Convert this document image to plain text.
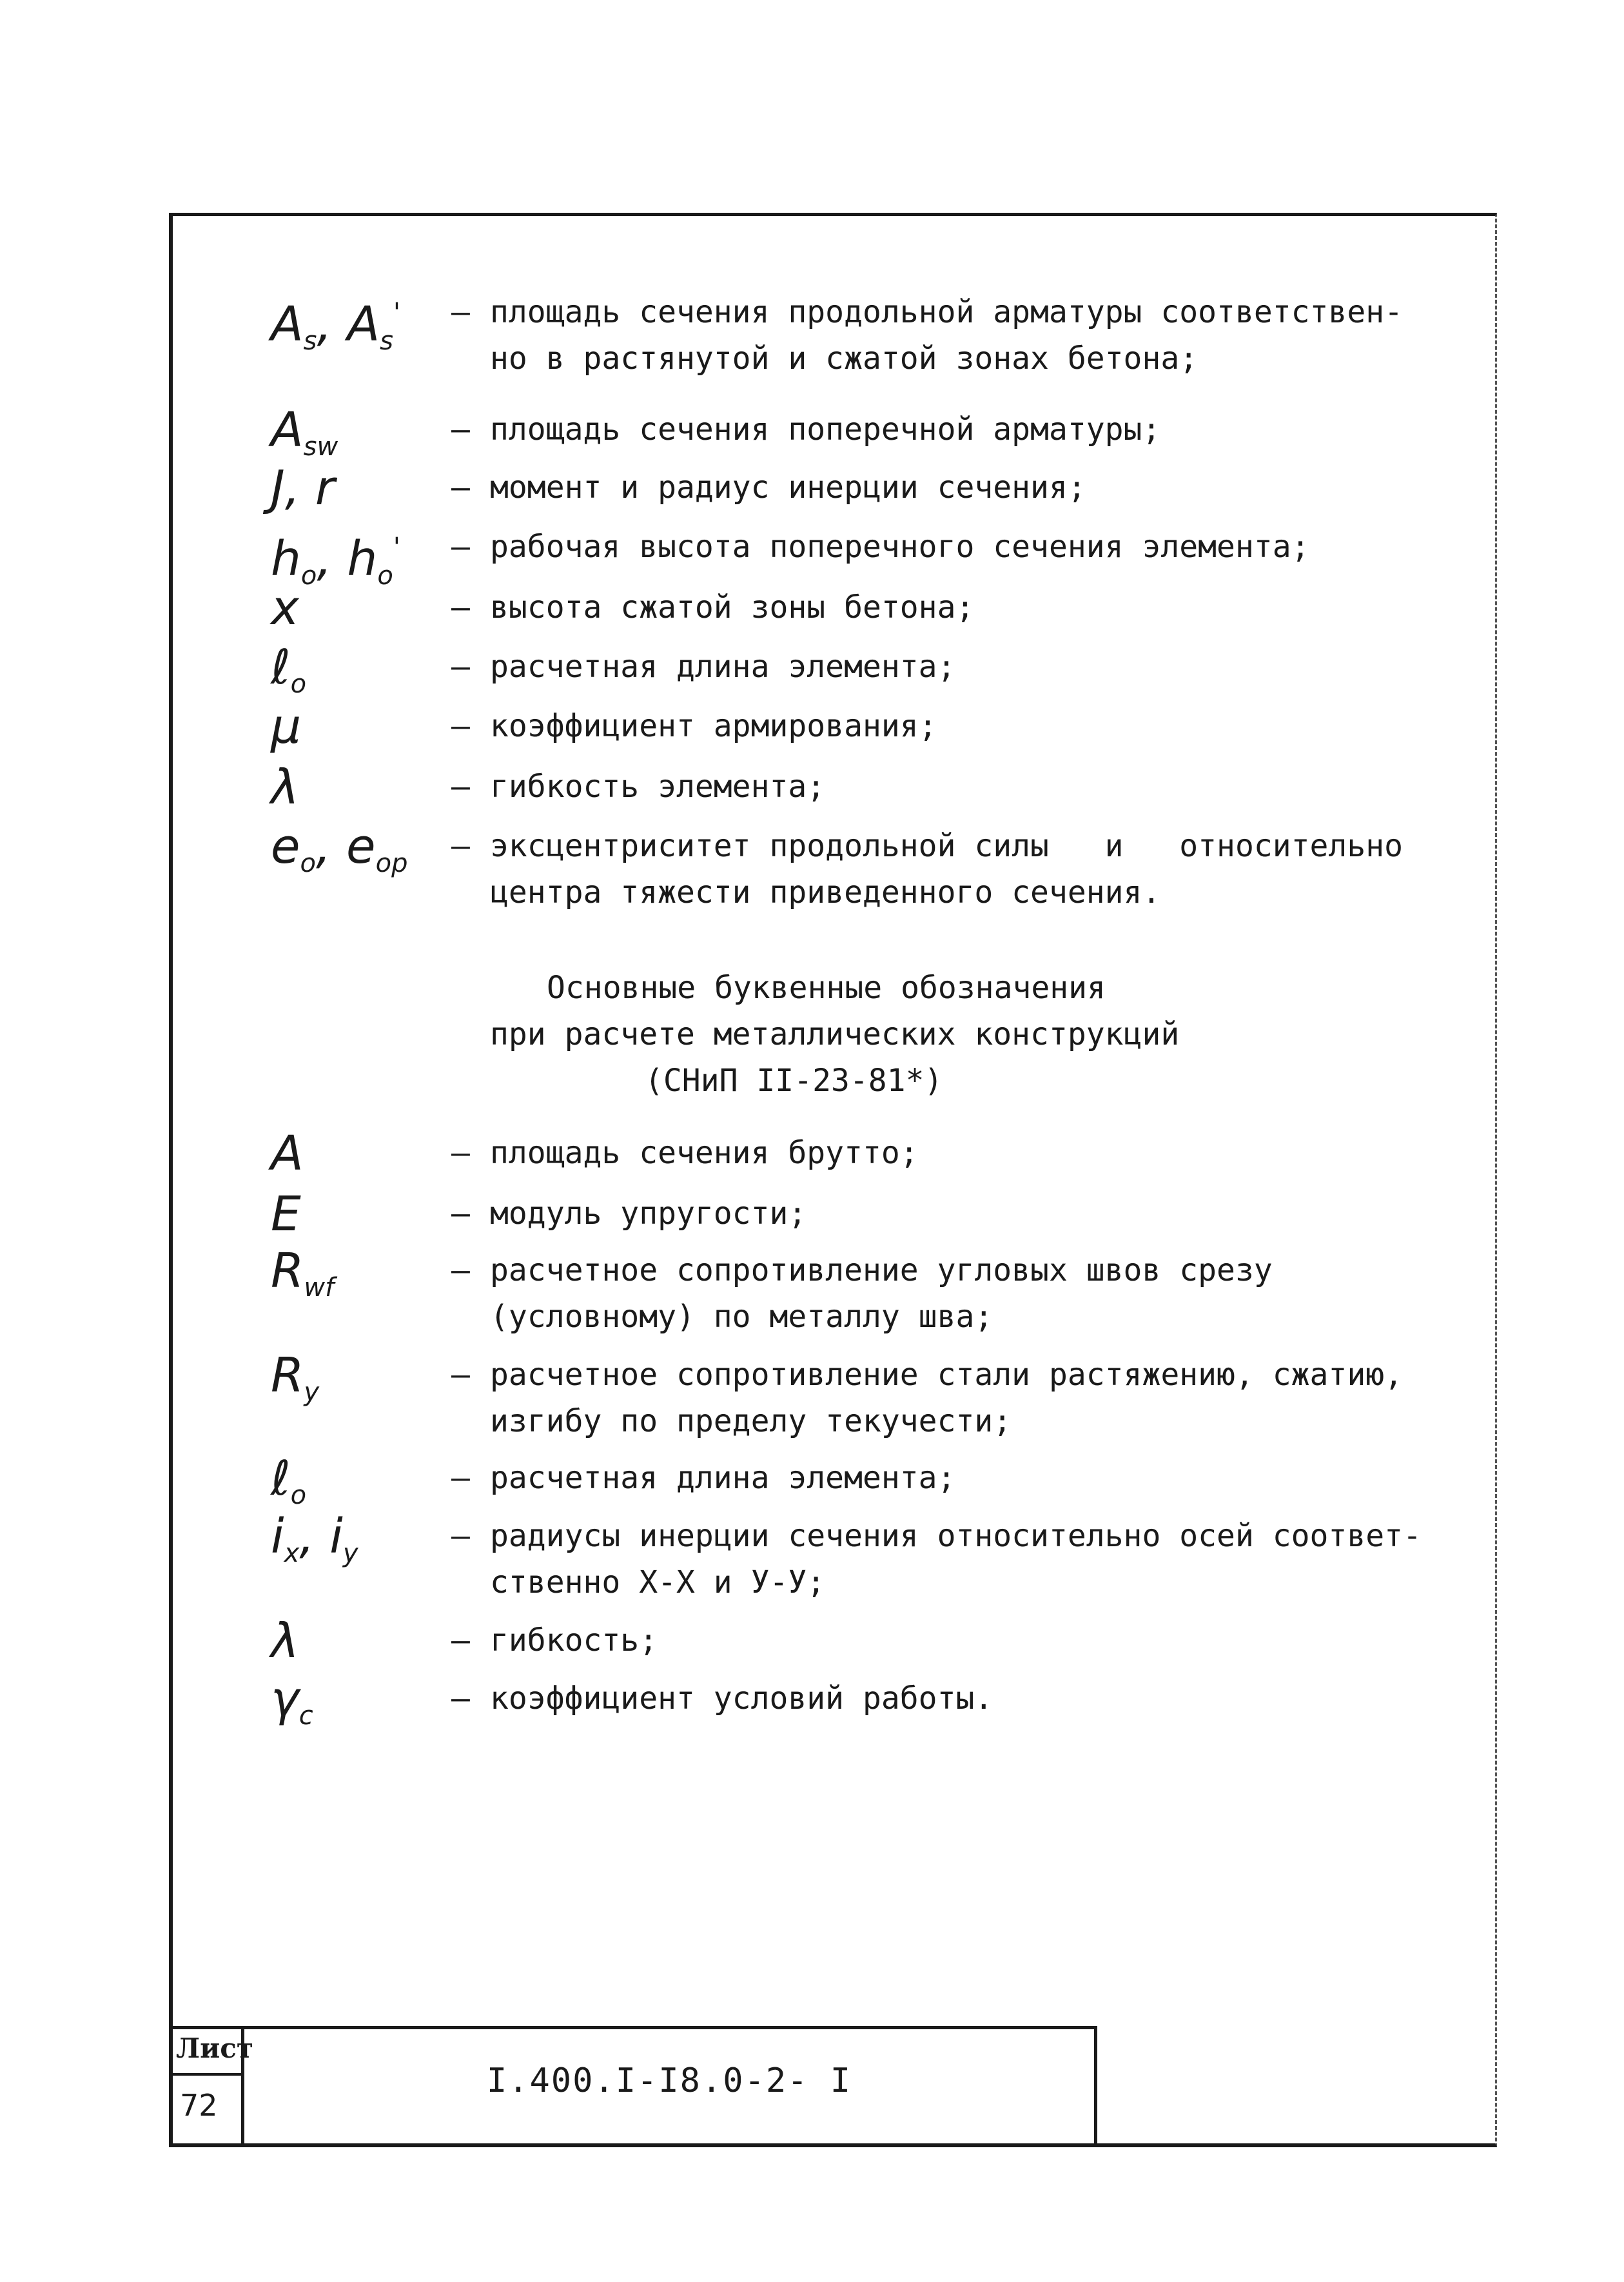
$A_s$, $A_s'$ – площадь сечения продольной арматуры соответствен-
но в растянутой и сжатой зонах бетона;
$A_{sw}$	– площадь сечения поперечной арматуры;
J, r	– момент и радиус инерции сечения;
$h_o$, $h_o'$ – рабочая высота поперечного сечения элемента;
x	– высота сжатой зоны бетона;
ℓ$_o$	– расчетная длина элемента;
μ	– коэффициент армирования;
λ	– гибкость элемента;
$e_o$, $e_{op}$ – эксцентриситет продольной силы   и   относительно
центра тяжести приведенного сечения.
Основные буквенные обозначения
при расчете металлических конструкций
(СНиП II-23-81*)
A	– площадь сечения брутто;
E	– модуль упругости;
$R_{wf}$	– расчетное сопротивление угловых швов срезу
(условному) по металлу шва;
$R_y$	– расчетное сопротивление стали растяжению, сжатию,
изгибу по пределу текучести;
ℓ$_o$	– расчетная длина элемента;
$i_x$, $i_y$	– радиусы инерции сечения относительно осей соответ-
ственно X-X и У-У;
λ	– гибкость;
$\gamma_c$	– коэффициент условий работы.
Лист
72
I.400.I-I8.0-2- I
